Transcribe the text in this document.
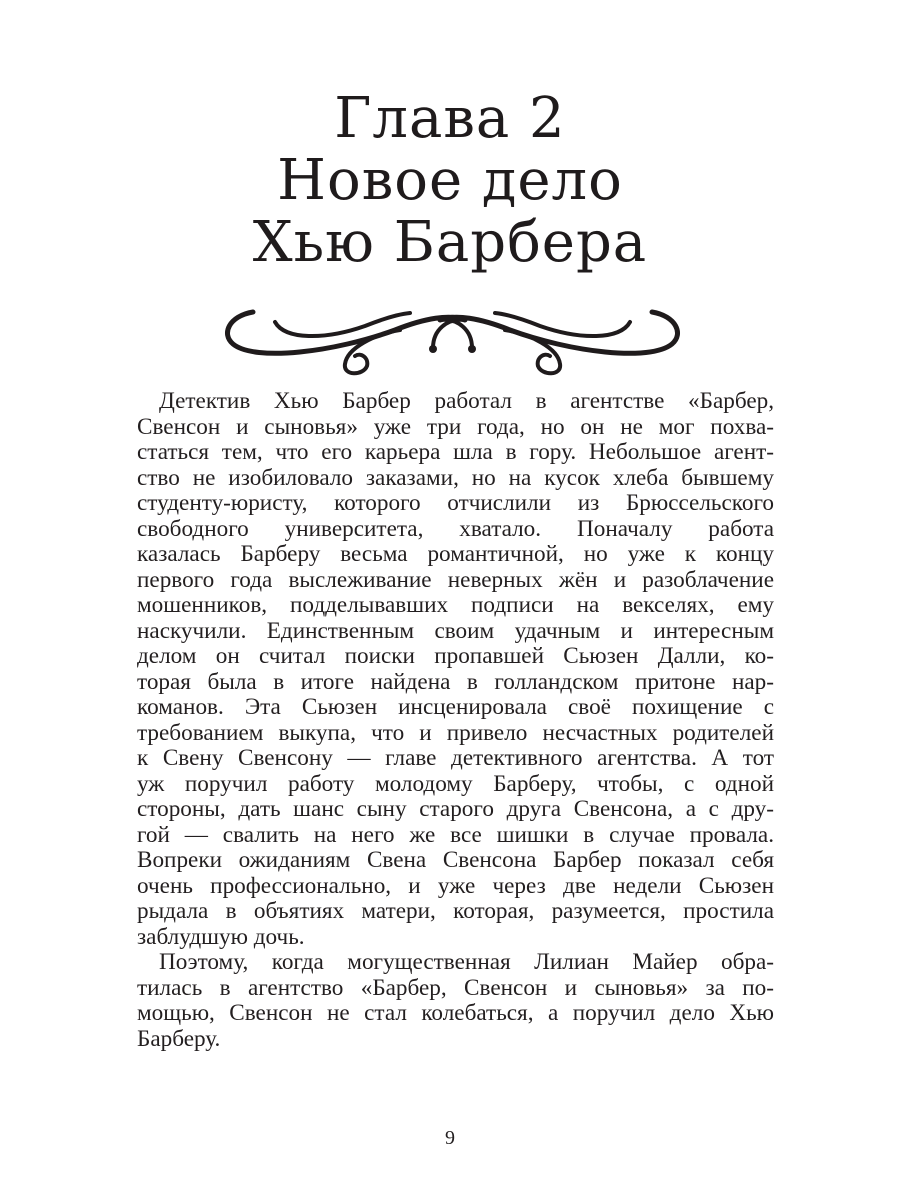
Глава 2
Новое дело
Хью Барбера

Детектив Хью Барбер работал в агентстве «Барбер,
Свенсон и сыновья» уже три года, но он не мог похва-
статься тем, что его карьера шла в гору. Небольшое агент-
ство не изобиловало заказами, но на кусок хлеба бывшему
студенту-юристу, которого отчислили из Брюссельского
свободного университета, хватало. Поначалу работа
казалась Барберу весьма романтичной, но уже к концу
первого года выслеживание неверных жён и разоблачение
мошенников, подделывавших подписи на векселях, ему
наскучили. Единственным своим удачным и интересным
делом он считал поиски пропавшей Сьюзен Далли, ко-
торая была в итоге найдена в голландском притоне нар-
команов. Эта Сьюзен инсценировала своё похищение с
требованием выкупа, что и привело несчастных родителей
к Свену Свенсону — главе детективного агентства. А тот
уж поручил работу молодому Барберу, чтобы, с одной
стороны, дать шанс сыну старого друга Свенсона, а с дру-
гой — свалить на него же все шишки в случае провала.
Вопреки ожиданиям Свена Свенсона Барбер показал себя
очень профессионально, и уже через две недели Сьюзен
рыдала в объятиях матери, которая, разумеется, простила
заблудшую дочь.

Поэтому, когда могущественная Лилиан Майер обра-
тилась в агентство «Барбер, Свенсон и сыновья» за по-
мощью, Свенсон не стал колебаться, а поручил дело Хью
Барберу.

9
